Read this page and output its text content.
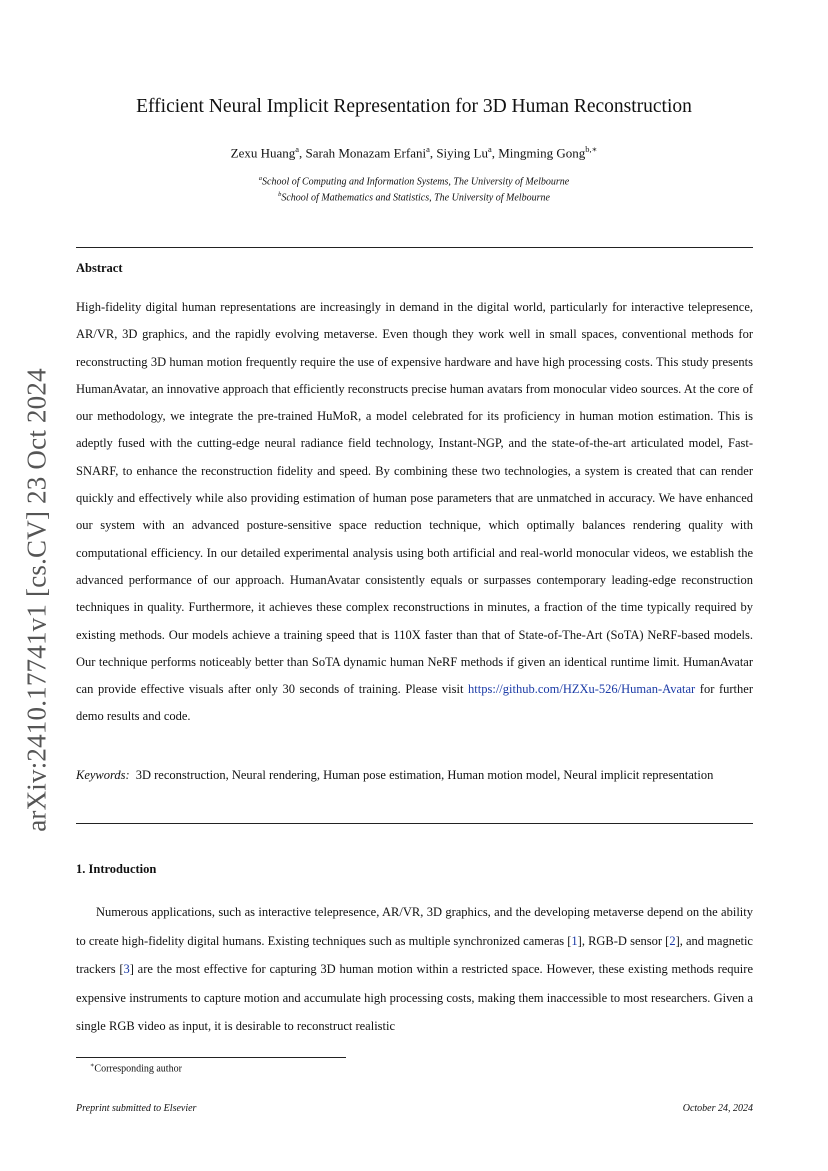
arXiv:2410.17741v1 [cs.CV] 23 Oct 2024
Efficient Neural Implicit Representation for 3D Human Reconstruction
Zexu Huang$^a$, Sarah Monazam Erfani$^a$, Siying Lu$^a$, Mingming Gong$^{b,∗}$
$^a$School of Computing and Information Systems, The University of Melbourne
$^b$School of Mathematics and Statistics, The University of Melbourne
Abstract

High-fidelity digital human representations are increasingly in demand in the digital world, particularly for interactive telepresence, AR/VR, 3D graphics, and the rapidly evolving metaverse. Even though they work well in small spaces, conventional methods for reconstructing 3D human motion frequently require the use of expensive hardware and have high processing costs. This study presents HumanAvatar, an innovative approach that efficiently reconstructs precise human avatars from monocular video sources. At the core of our methodology, we integrate the pre-trained HuMoR, a model celebrated for its proficiency in human motion estimation. This is adeptly fused with the cutting-edge neural radiance field technology, Instant-NGP, and the state-of-the-art articulated model, Fast-SNARF, to enhance the reconstruction fidelity and speed. By combining these two technologies, a system is created that can render quickly and effectively while also providing estimation of human pose parameters that are unmatched in accuracy. We have enhanced our system with an advanced posture-sensitive space reduction technique, which optimally balances rendering quality with computational efficiency. In our detailed experimental analysis using both artificial and real-world monocular videos, we establish the advanced performance of our approach. HumanAvatar consistently equals or surpasses contemporary leading-edge reconstruction techniques in quality. Furthermore, it achieves these complex reconstructions in minutes, a fraction of the time typically required by existing methods. Our models achieve a training speed that is 110X faster than that of State-of-The-Art (SoTA) NeRF-based models. Our technique performs noticeably better than SoTA dynamic human NeRF methods if given an identical runtime limit. HumanAvatar can provide effective visuals after only 30 seconds of training. Please visit https://github.com/HZXu-526/Human-Avatar for further demo results and code.

Keywords: 3D reconstruction, Neural rendering, Human pose estimation, Human motion model, Neural implicit representation

1. Introduction

Numerous applications, such as interactive telepresence, AR/VR, 3D graphics, and the developing metaverse depend on the ability to create high-fidelity digital humans. Existing techniques such as multiple synchronized cameras [1], RGB-D sensor [2], and magnetic trackers [3] are the most effective for capturing 3D human motion within a restricted space. However, these existing methods require expensive instruments to capture motion and accumulate high processing costs, making them inaccessible to most researchers. Given a single RGB video as input, it is desirable to reconstruct realistic

∗Corresponding author
Preprint submitted to Elsevier	October 24, 2024
